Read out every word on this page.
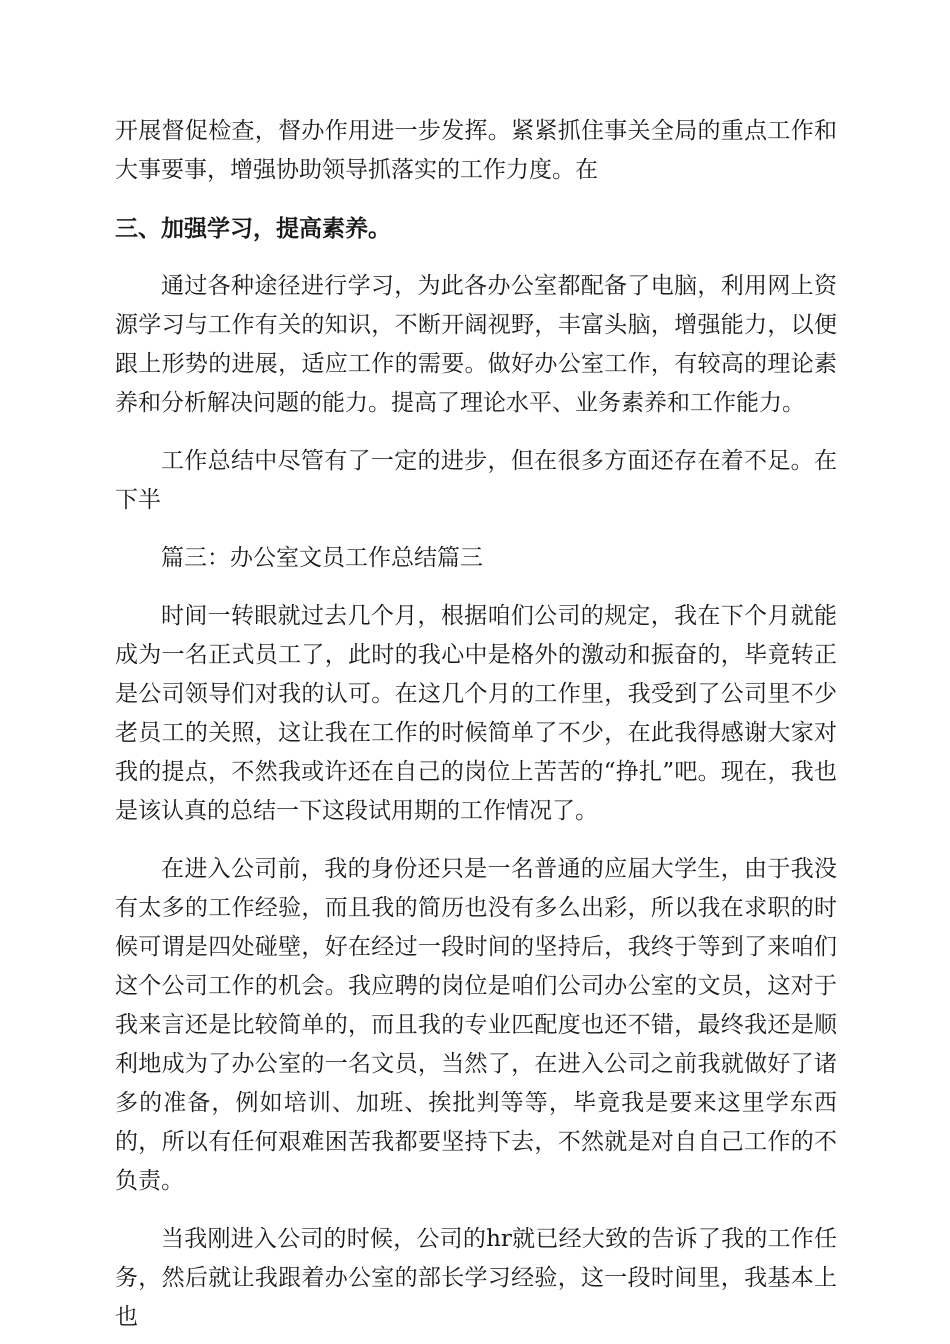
开展督促检查，督办作用进一步发挥。紧紧抓住事关全局的重点工作和大事要事，增强协助领导抓落实的工作力度。在

三、加强学习，提高素养。

通过各种途径进行学习，为此各办公室都配备了电脑，利用网上资源学习与工作有关的知识，不断开阔视野，丰富头脑，增强能力，以便跟上形势的进展，适应工作的需要。做好办公室工作，有较高的理论素养和分析解决问题的能力。提高了理论水平、业务素养和工作能力。

工作总结中尽管有了一定的进步，但在很多方面还存在着不足。在下半

篇三：办公室文员工作总结篇三

时间一转眼就过去几个月，根据咱们公司的规定，我在下个月就能成为一名正式员工了，此时的我心中是格外的激动和振奋的，毕竟转正是公司领导们对我的认可。在这几个月的工作里，我受到了公司里不少老员工的关照，这让我在工作的时候简单了不少，在此我得感谢大家对我的提点，不然我或许还在自己的岗位上苦苦的“挣扎”吧。现在，我也是该认真的总结一下这段试用期的工作情况了。

在进入公司前，我的身份还只是一名普通的应届大学生，由于我没有太多的工作经验，而且我的简历也没有多么出彩，所以我在求职的时候可谓是四处碰壁，好在经过一段时间的坚持后，我终于等到了来咱们这个公司工作的机会。我应聘的岗位是咱们公司办公室的文员，这对于我来言还是比较简单的，而且我的专业匹配度也还不错，最终我还是顺利地成为了办公室的一名文员，当然了，在进入公司之前我就做好了诸多的准备，例如培训、加班、挨批判等等，毕竟我是要来这里学东西的，所以有任何艰难困苦我都要坚持下去，不然就是对自自己工作的不负责。

当我刚进入公司的时候，公司的hr就已经大致的告诉了我的工作任务，然后就让我跟着办公室的部长学习经验，这一段时间里，我基本上也
